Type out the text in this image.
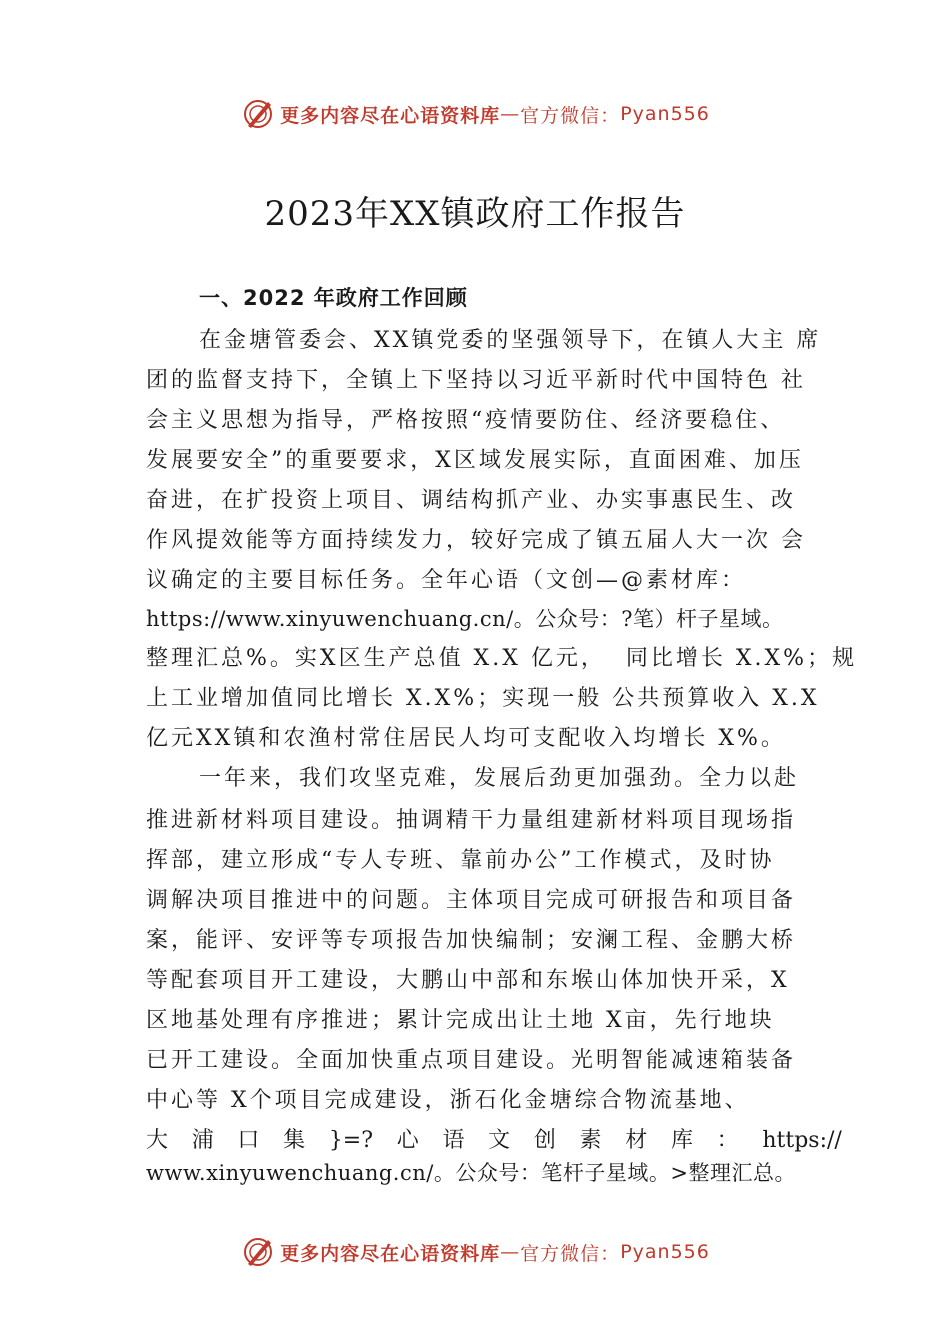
更多内容尽在心语资料库 — 官方微信： Pyan556
2023年XX镇政府工作报告
一、2022 年政府工作回顾
在金塘管委会、XX镇党委的坚强领导下，在镇人大主 席
团的监督支持下，全镇上下坚持以习近平新时代中国特色 社
会主义思想为指导，严格按照“疫情要防住、经济要稳住、
发展要安全”的重要要求，X区域发展实际，直面困难、加压
奋进，在扩投资上项目、调结构抓产业、办实事惠民生、改
作风提效能等方面持续发力，较好完成了镇五届人大一次 会
议确定的主要目标任务。全年心语（文创—@素材库：
https://www.xinyuwenchuang.cn/。公众号：?笔）杆子星域。
整理汇总%。实X区生产总值 X.X 亿元，  同比增长 X.X%；规
上工业增加值同比增长 X.X%；实现一般 公共预算收入 X.X
亿元XX镇和农渔村常住居民人均可支配收入均增长 X%。
一年来，我们攻坚克难，发展后劲更加强劲。全力以赴
推进新材料项目建设。抽调精干力量组建新材料项目现场指
挥部，建立形成“专人专班、靠前办公”工作模式，及时协
调解决项目推进中的问题。主体项目完成可研报告和项目备
案，能评、安评等专项报告加快编制；安澜工程、金鹏大桥
等配套项目开工建设，大鹏山中部和东堠山体加快开采，X
区地基处理有序推进；累计完成出让土地 X亩，先行地块
已开工建设。全面加快重点项目建设。光明智能减速箱装备
中心等 X个项目完成建设，浙石化金塘综合物流基地、
大 浦 口 集 }=? 心 语 文 创 素 材 库 ： https://
www.xinyuwenchuang.cn/。公众号：笔杆子星域。>整理汇总。
更多内容尽在心语资料库 — 官方微信： Pyan556
